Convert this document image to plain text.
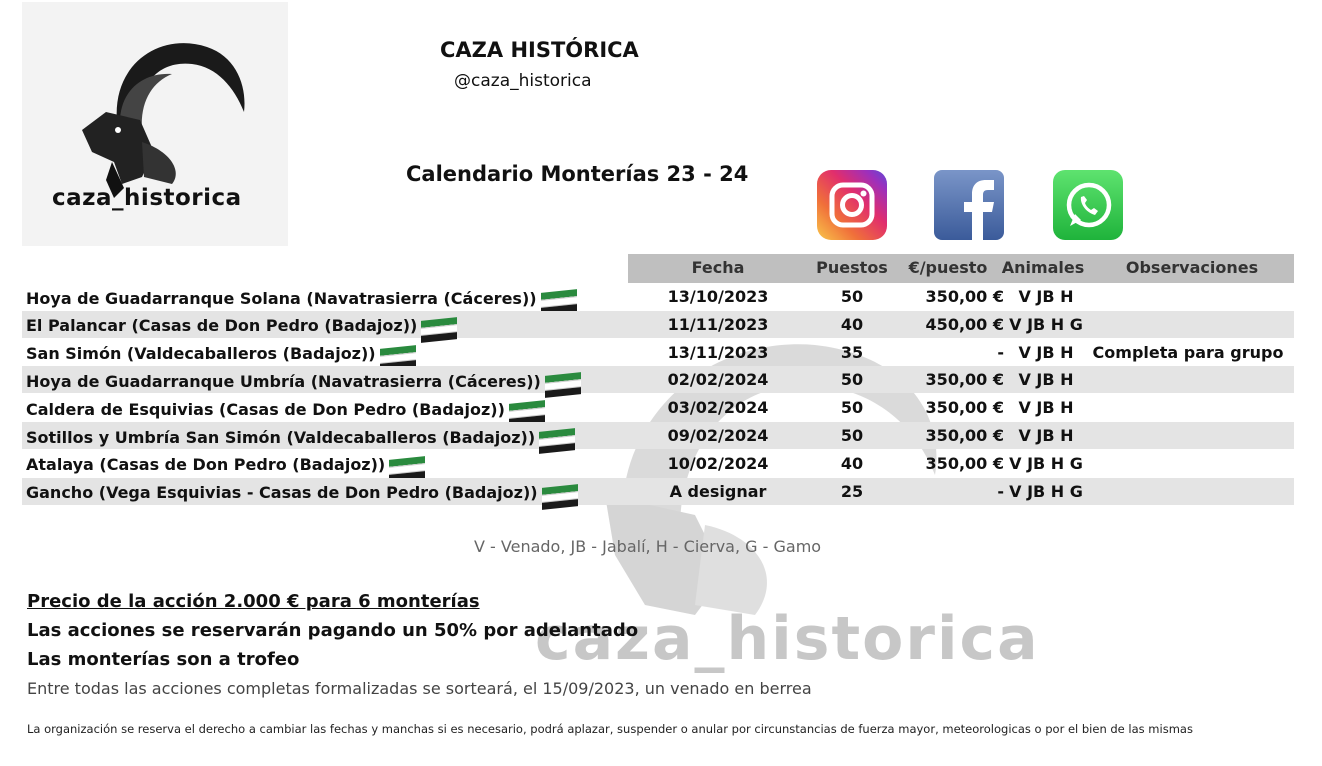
caza_historica
CAZA HISTÓRICA
@caza_historica
Calendario Monterías 23 - 24
caza_historica
Fecha	Puestos	€/puesto Animales	Observaciones
Hoya de Guadarranque Solana (Navatrasierra (Cáceres))	13/10/2023	50	350,00 € V JB H
El Palancar (Casas de Don Pedro (Badajoz))	11/11/2023	40	450,00 € V JB H G
San Simón (Valdecaballeros (Badajoz))	13/11/2023	35	- V JB H	Completa para grupo
Hoya de Guadarranque Umbría (Navatrasierra (Cáceres))	02/02/2024	50	350,00 € V JB H
Caldera de Esquivias (Casas de Don Pedro (Badajoz))	03/02/2024	50	350,00 € V JB H
Sotillos y Umbría San Simón (Valdecaballeros (Badajoz))	09/02/2024	50	350,00 € V JB H
Atalaya (Casas de Don Pedro (Badajoz))	10/02/2024	40	350,00 € V JB H G
Gancho (Vega Esquivias - Casas de Don Pedro (Badajoz))	A designar	25	- V JB H G
V - Venado, JB - Jabalí, H - Cierva, G - Gamo
Precio de la acción 2.000 € para 6 monterías
Las acciones se reservarán pagando un 50% por adelantado
Las monterías son a trofeo
Entre todas las acciones completas formalizadas se sorteará, el 15/09/2023, un venado en berrea
La organización se reserva el derecho a cambiar las fechas y manchas si es necesario, podrá aplazar, suspender o anular por circunstancias de fuerza mayor, meteorologicas o por el bien de las mismas
